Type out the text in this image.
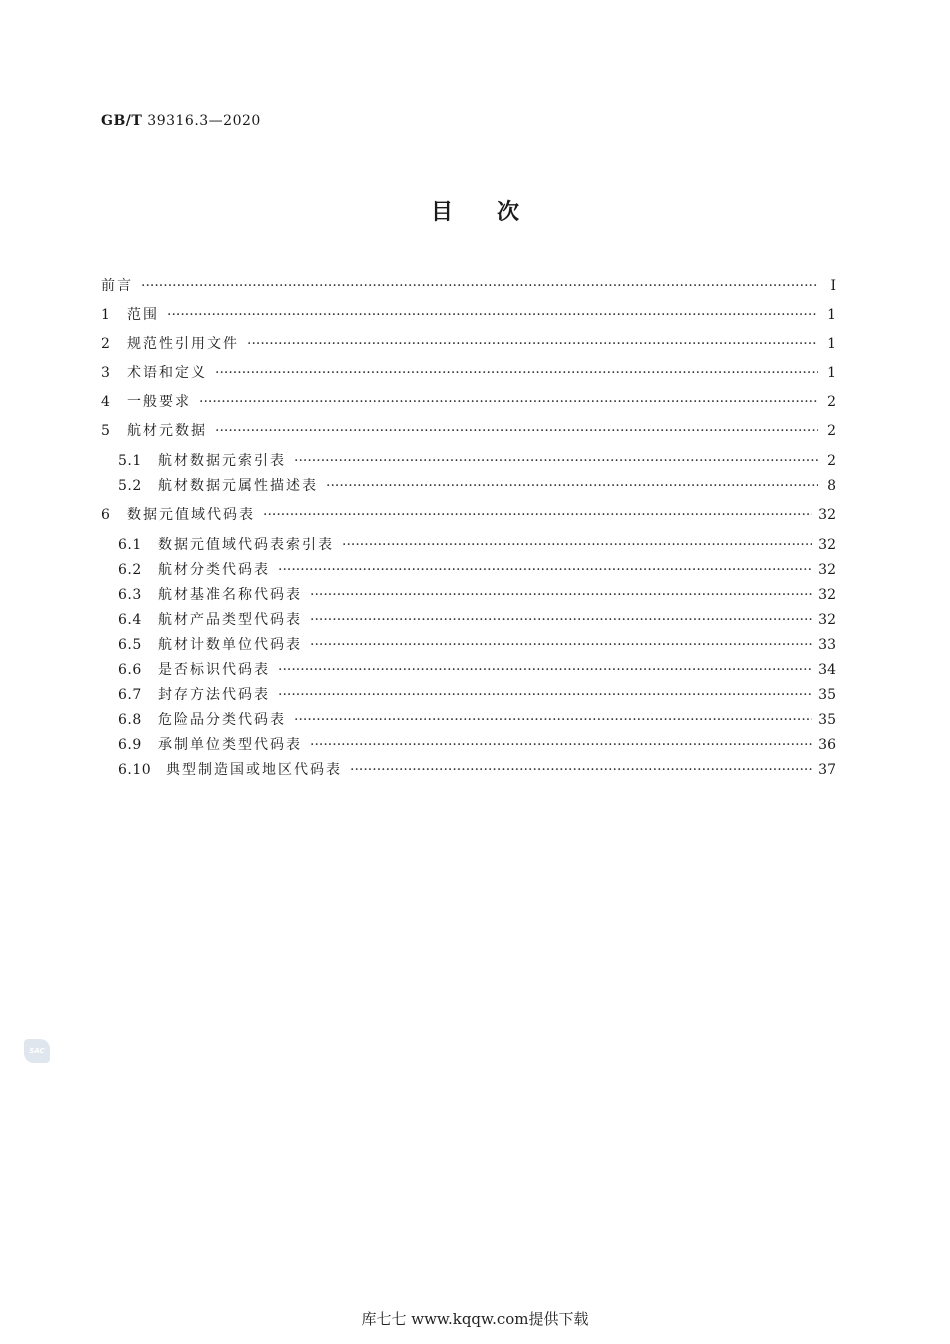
GB/T 39316.3—2020
目次
前言 ·····	Ⅰ
1	范围 ·····	1
2	规范性引用文件 ·····	1
3	术语和定义 ·····	1
4	一般要求 ·····	2
5	航材元数据 ·····	2
5.1	航材数据元索引表 ·····	2
5.2	航材数据元属性描述表 ·····	8
6	数据元值域代码表 ·····	32
6.1	数据元值域代码表索引表 ·····	32
6.2	航材分类代码表 ·····	32
6.3	航材基准名称代码表 ·····	32
6.4	航材产品类型代码表 ·····	32
6.5	航材计数单位代码表 ·····	33
6.6	是否标识代码表 ·····	34
6.7	封存方法代码表 ·····	35
6.8	危险品分类代码表 ·····	35
6.9	承制单位类型代码表 ·····	36
6.10	典型制造国或地区代码表 ·····	37
SAC
库七七 www.kqqw.com提供下载
